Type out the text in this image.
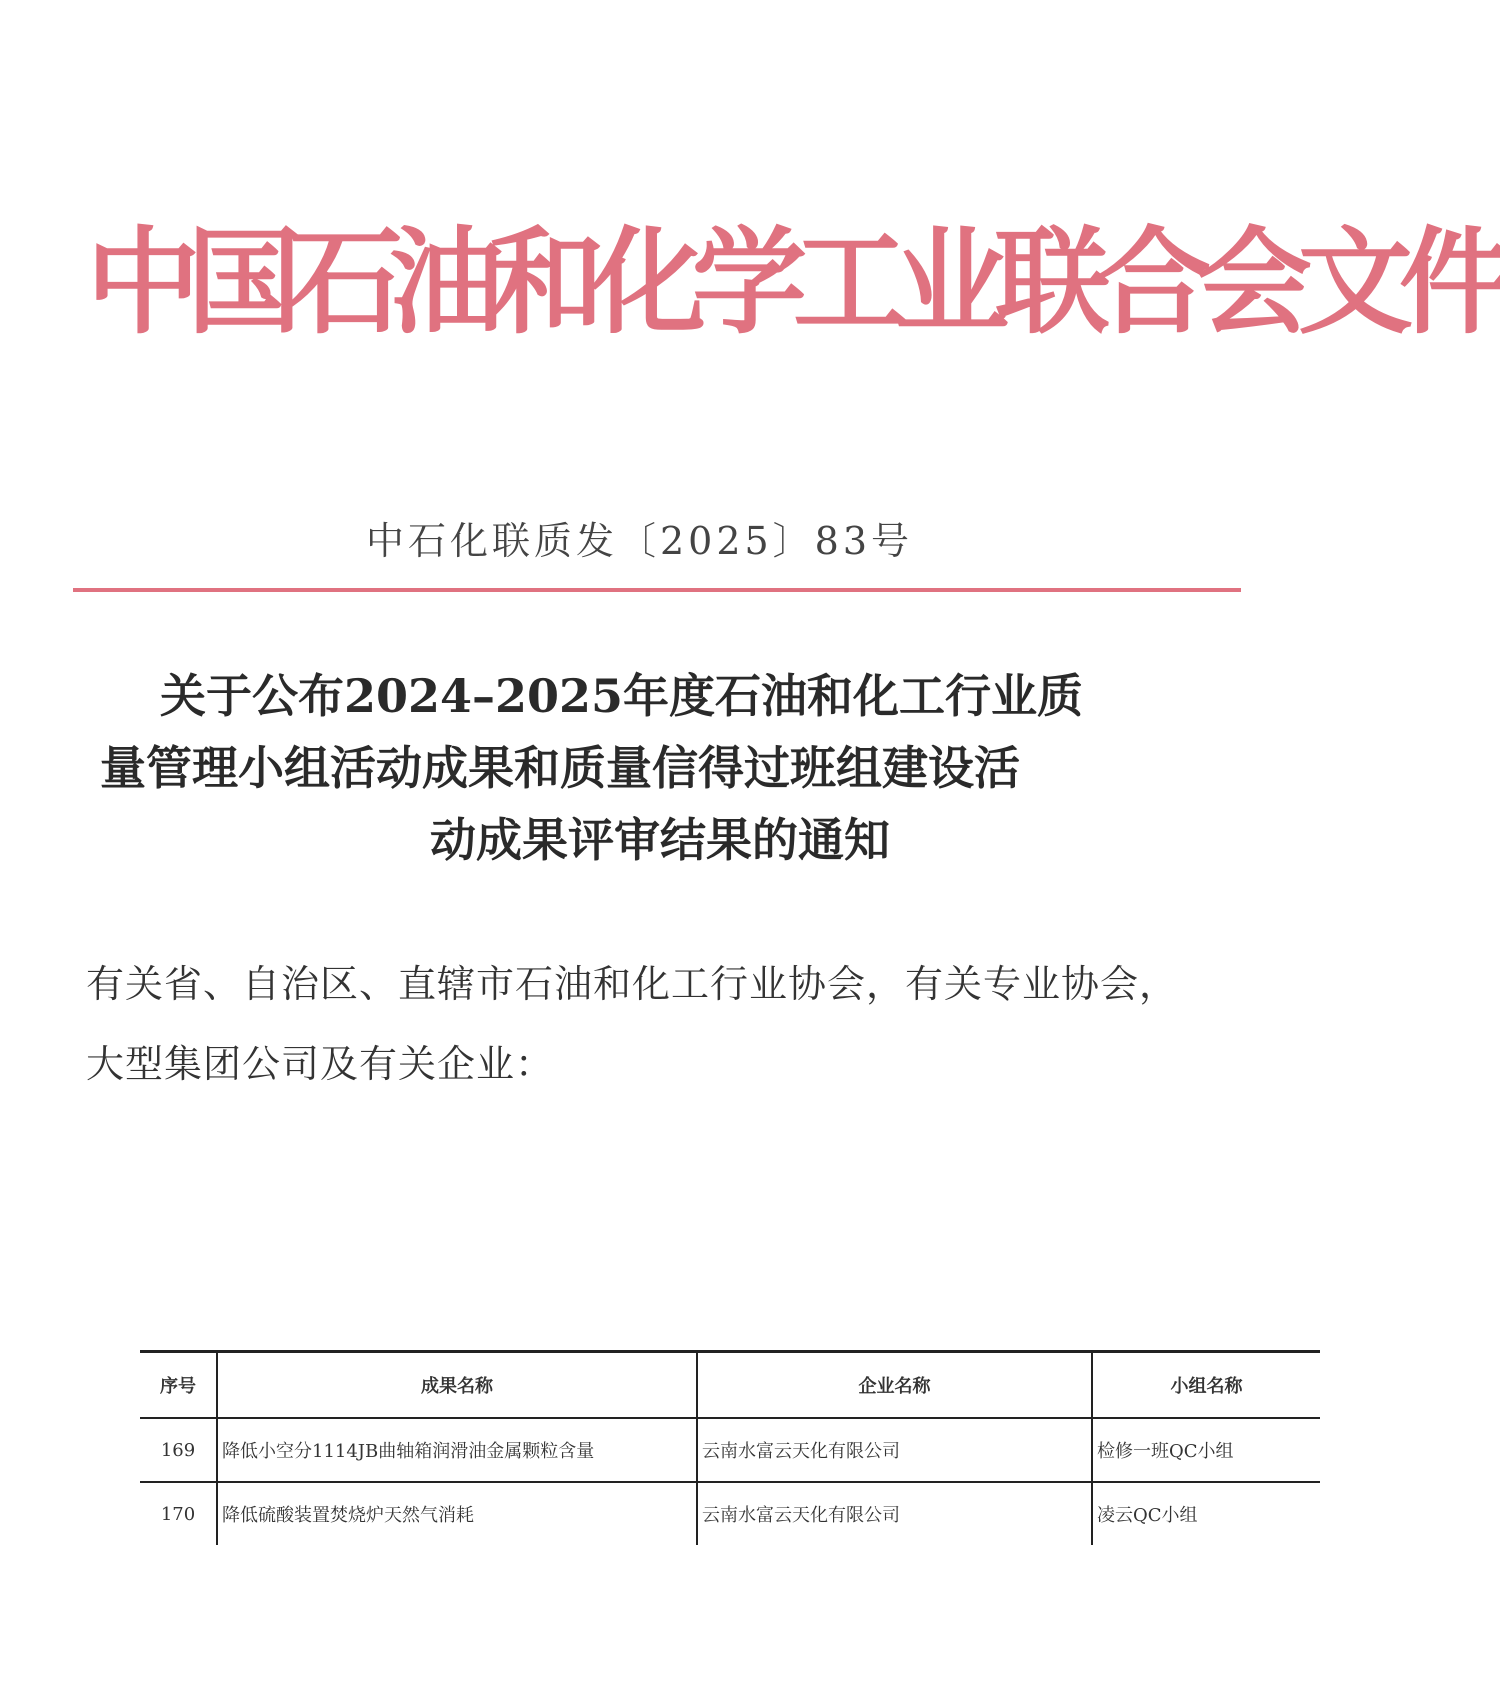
中国石油和化学工业联合会文件
中石化联质发〔2025〕83号
关于公布2024–2025年度石油和化工行业质
量管理小组活动成果和质量信得过班组建设活
动成果评审结果的通知
有关省、自治区、直辖市石油和化工行业协会，有关专业协会，
大型集团公司及有关企业：
序号	成果名称	企业名称	小组名称
169	降低小空分1114JB曲轴箱润滑油金属颗粒含量	云南水富云天化有限公司	检修一班QC小组
170	降低硫酸装置焚烧炉天然气消耗	云南水富云天化有限公司	凌云QC小组
